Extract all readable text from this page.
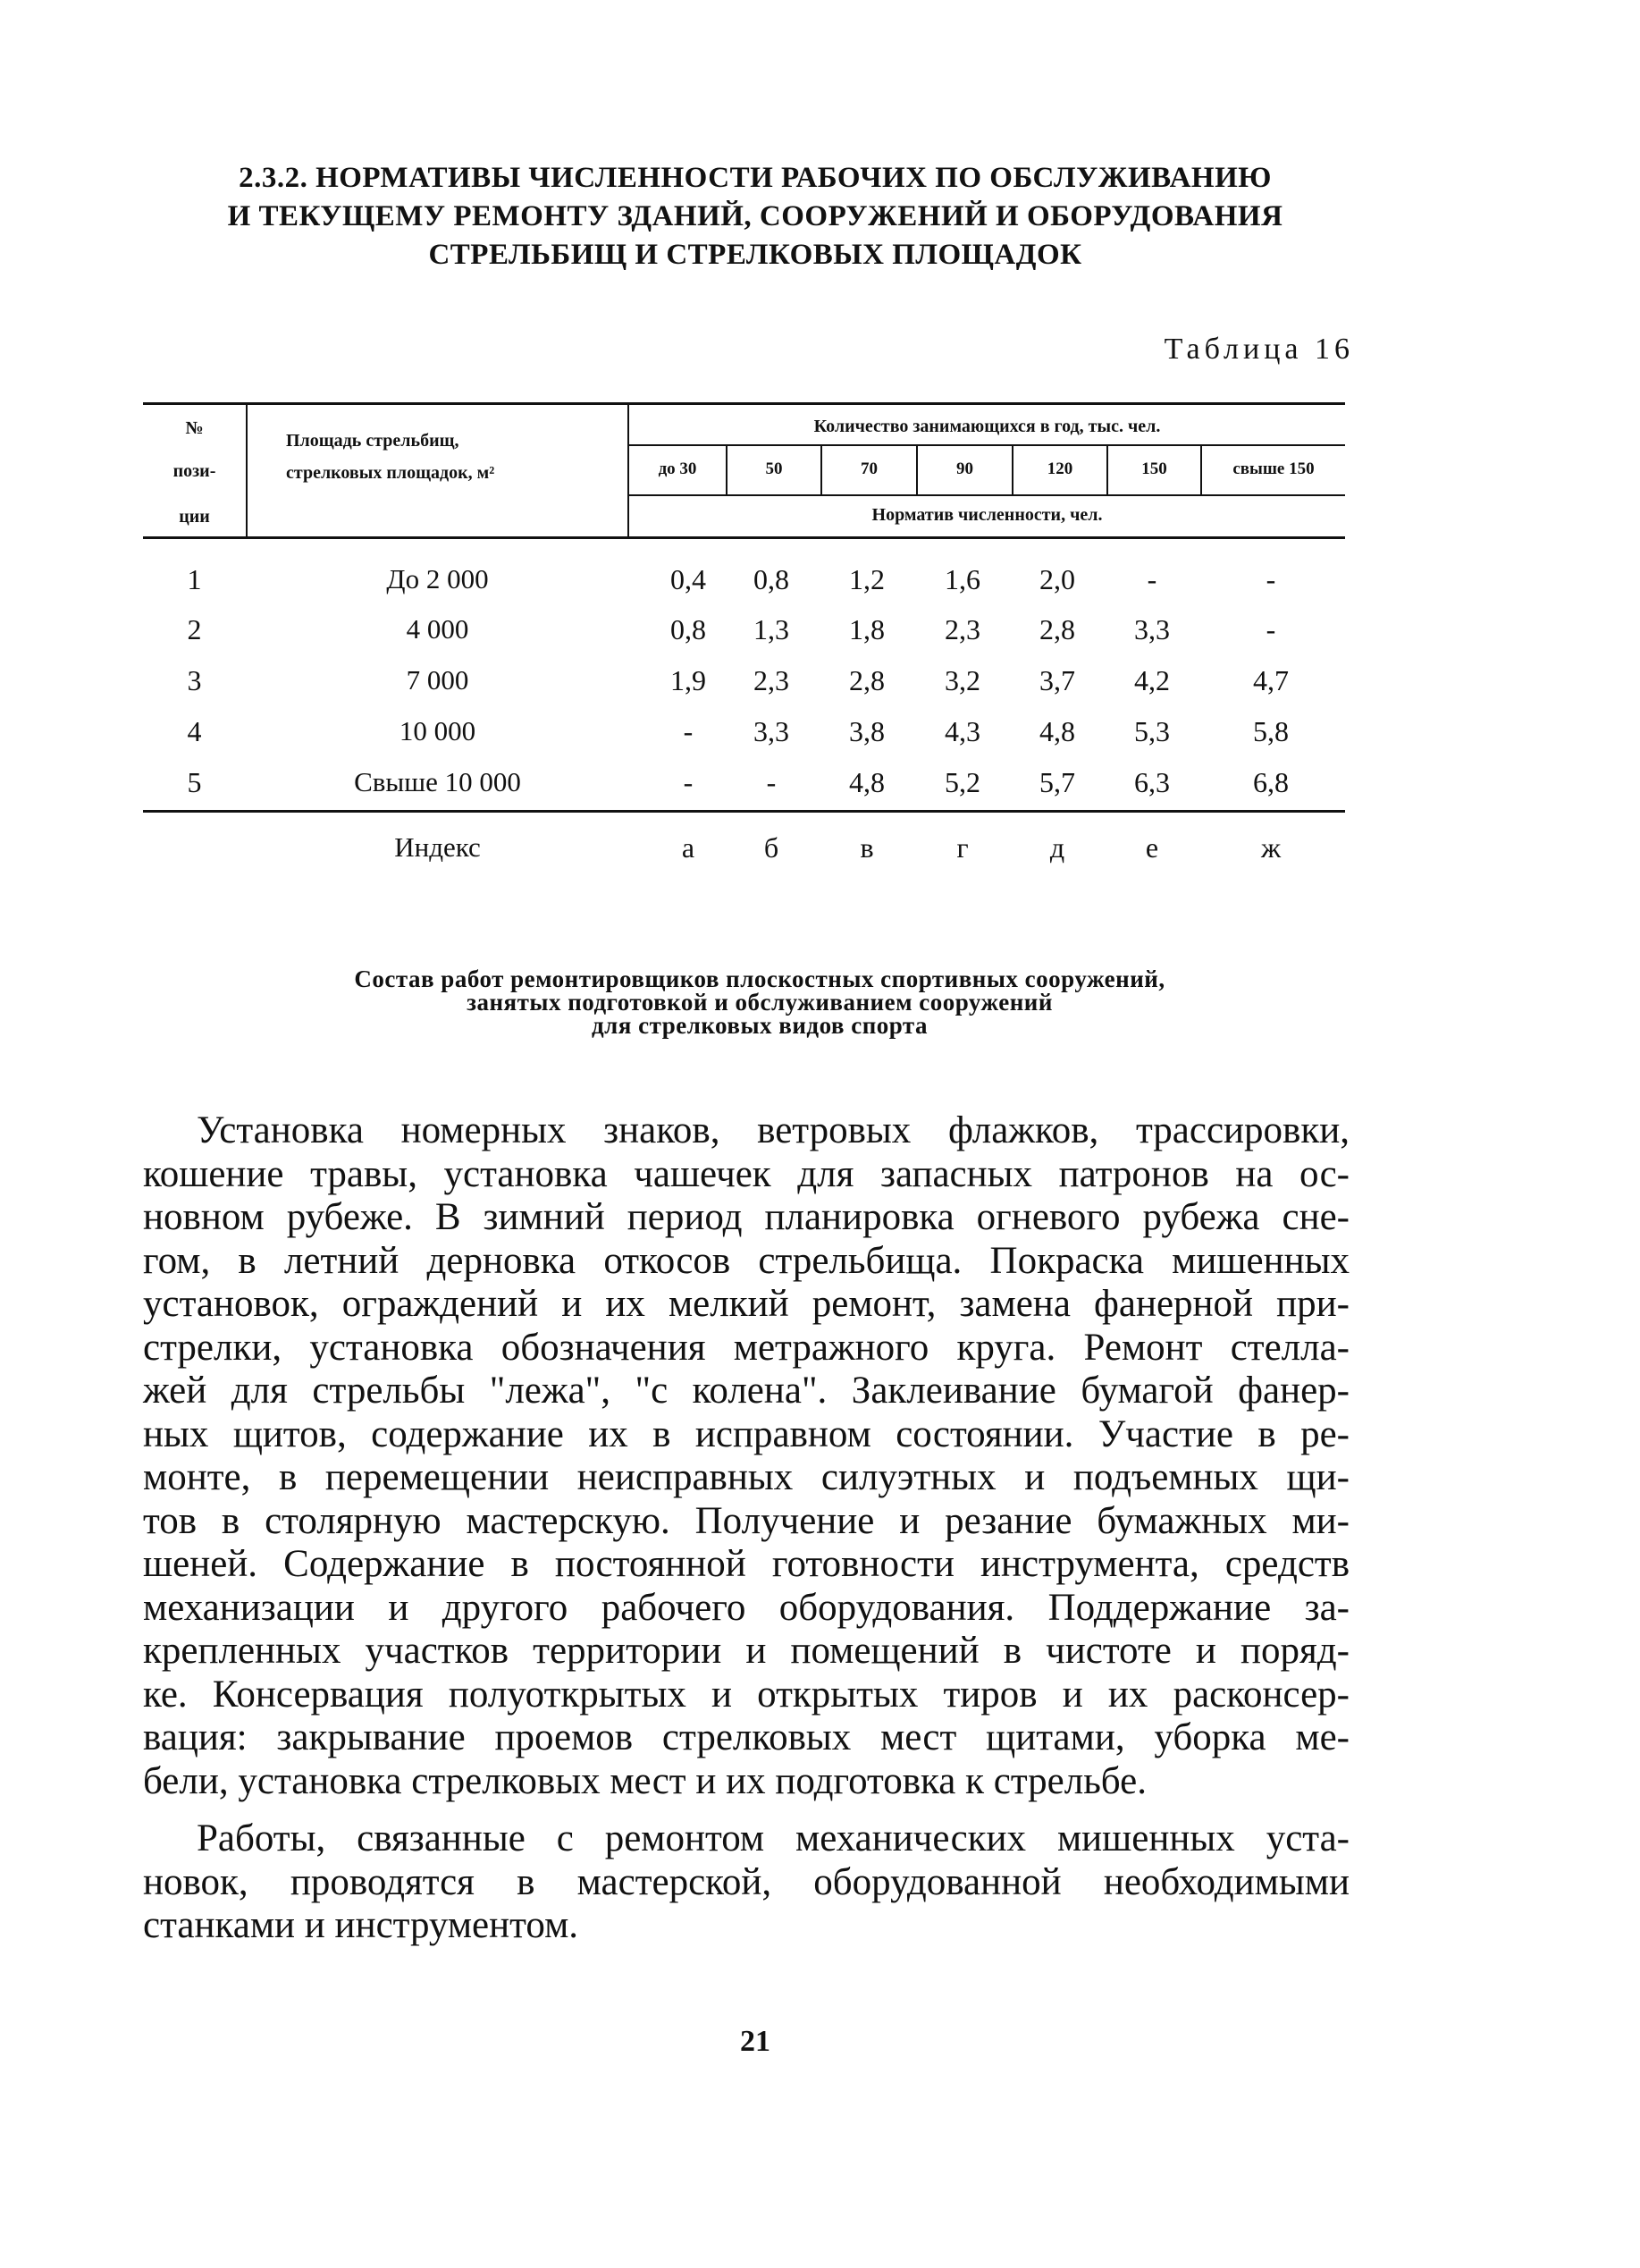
2.3.2. НОРМАТИВЫ ЧИСЛЕННОСТИ РАБОЧИХ ПО ОБСЛУЖИВАНИЮ
И ТЕКУЩЕМУ РЕМОНТУ ЗДАНИЙ, СООРУЖЕНИЙ И ОБОРУДОВАНИЯ
СТРЕЛЬБИЩ И СТРЕЛКОВЫХ ПЛОЩАДОК
Таблица 16
№
пози-
ции
Площадь стрельбищ,
стрелковых площадок, м²
Количество занимающихся в год, тыс. чел.
до 30	50	70	90	120	150	свыше 150
Норматив численности, чел.
1	До 2 000	0,4	0,8	1,2	1,6	2,0	-	-
2	4 000	0,8	1,3	1,8	2,3	2,8	3,3	-
3	7 000	1,9	2,3	2,8	3,2	3,7	4,2	4,7
4	10 000	-	3,3	3,8	4,3	4,8	5,3	5,8
5	Свыше 10 000	-	-	4,8	5,2	5,7	6,3	6,8
Индекс	а	б	в	г	д	е	ж
Состав работ ремонтировщиков плоскостных спортивных сооружений,
занятых подготовкой и обслуживанием сооружений
для стрелковых видов спорта
Установка номерных знаков, ветровых флажков, трассировки,
кошение травы, установка чашечек для запасных патронов на ос-
новном рубеже. В зимний период планировка огневого рубежа сне-
гом, в летний дерновка откосов стрельбища. Покраска мишенных
установок, ограждений и их мелкий ремонт, замена фанерной при-
стрелки, установка обозначения метражного круга. Ремонт стелла-
жей для стрельбы "лежа", "с колена". Заклеивание бумагой фанер-
ных щитов, содержание их в исправном состоянии. Участие в ре-
монте, в перемещении неисправных силуэтных и подъемных щи-
тов в столярную мастерскую. Получение и резание бумажных ми-
шеней. Содержание в постоянной готовности инструмента, средств
механизации и другого рабочего оборудования. Поддержание за-
крепленных участков территории и помещений в чистоте и поряд-
ке. Консервация полуоткрытых и открытых тиров и их расконсер-
вация: закрывание проемов стрелковых мест щитами, уборка ме-
бели, установка стрелковых мест и их подготовка к стрельбе.
Работы, связанные с ремонтом механических мишенных уста-
новок, проводятся в мастерской, оборудованной необходимыми
станками и инструментом.
21
